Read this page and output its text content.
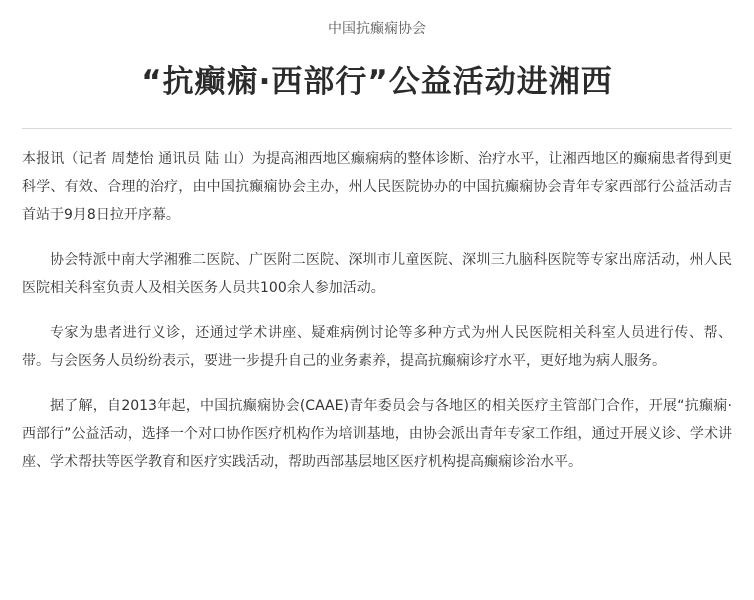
中国抗癫痫协会
“抗癫痫·西部行”公益活动进湘西

本报讯（记者 周楚怡 通讯员 陆 山）为提高湘西地区癫痫病的整体诊断、治疗水平，让湘西地区的癫痫患者得到更科学、有效、合理的治疗，由中国抗癫痫协会主办，州人民医院协办的中国抗癫痫协会青年专家西部行公益活动吉首站于9月8日拉开序幕。

协会特派中南大学湘雅二医院、广医附二医院、深圳市儿童医院、深圳三九脑科医院等专家出席活动，州人民医院相关科室负责人及相关医务人员共100余人参加活动。

专家为患者进行义诊，还通过学术讲座、疑难病例讨论等多种方式为州人民医院相关科室人员进行传、帮、带。与会医务人员纷纷表示，要进一步提升自己的业务素养，提高抗癫痫诊疗水平，更好地为病人服务。

据了解，自2013年起，中国抗癫痫协会(CAAE)青年委员会与各地区的相关医疗主管部门合作，开展“抗癫痫·西部行”公益活动，选择一个对口协作医疗机构作为培训基地，由协会派出青年专家工作组，通过开展义诊、学术讲座、学术帮扶等医学教育和医疗实践活动，帮助西部基层地区医疗机构提高癫痫诊治水平。
